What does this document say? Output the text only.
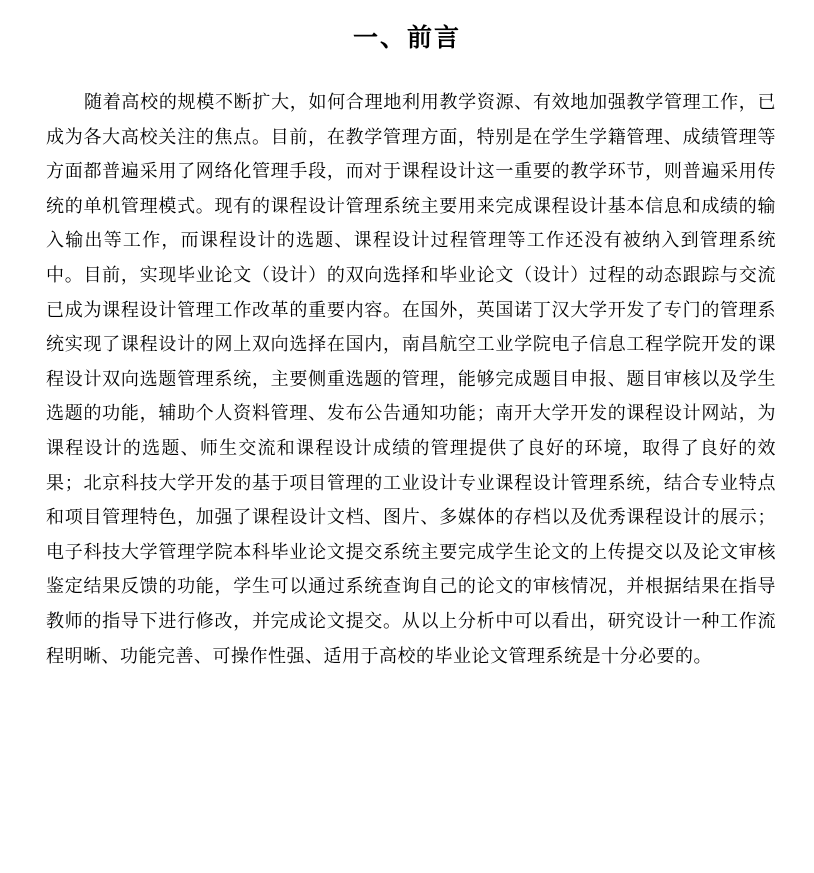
一、前言

随着高校的规模不断扩大，如何合理地利用教学资源、有效地加强教学管理工作，已成为各大高校关注的焦点。目前，在教学管理方面，特别是在学生学籍管理、成绩管理等方面都普遍采用了网络化管理手段，而对于课程设计这一重要的教学环节，则普遍采用传统的单机管理模式。现有的课程设计管理系统主要用来完成课程设计基本信息和成绩的输入输出等工作，而课程设计的选题、课程设计过程管理等工作还没有被纳入到管理系统中。目前，实现毕业论文（设计）的双向选择和毕业论文（设计）过程的动态跟踪与交流已成为课程设计管理工作改革的重要内容。在国外，英国诺丁汉大学开发了专门的管理系统实现了课程设计的网上双向选择在国内，南昌航空工业学院电子信息工程学院开发的课程设计双向选题管理系统，主要侧重选题的管理，能够完成题目申报、题目审核以及学生选题的功能，辅助个人资料管理、发布公告通知功能；南开大学开发的课程设计网站，为课程设计的选题、师生交流和课程设计成绩的管理提供了良好的环境，取得了良好的效果；北京科技大学开发的基于项目管理的工业设计专业课程设计管理系统，结合专业特点和项目管理特色，加强了课程设计文档、图片、多媒体的存档以及优秀课程设计的展示；电子科技大学管理学院本科毕业论文提交系统主要完成学生论文的上传提交以及论文审核鉴定结果反馈的功能，学生可以通过系统查询自己的论文的审核情况，并根据结果在指导教师的指导下进行修改，并完成论文提交。从以上分析中可以看出，研究设计一种工作流程明晰、功能完善、可操作性强、适用于高校的毕业论文管理系统是十分必要的。
